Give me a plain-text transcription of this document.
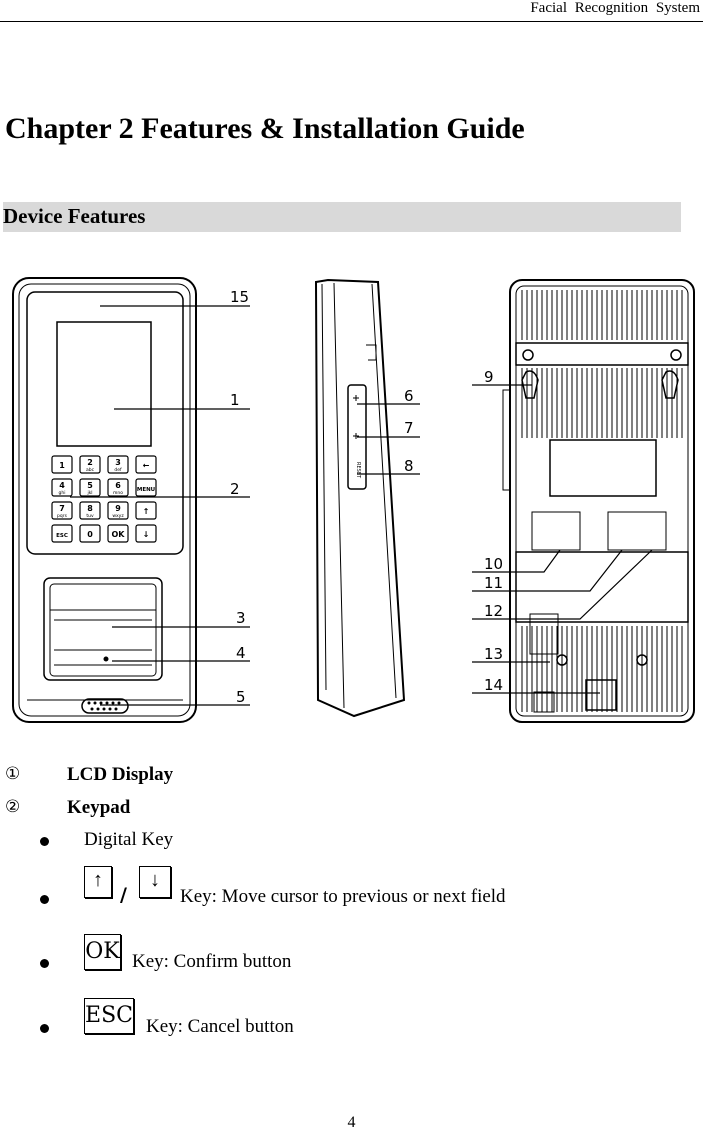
Facial Recognition System
Chapter 2 Features & Installation Guide
Device Features
1	2
abc
3
def
←
4
ghi
5
jkl
6
mno
MENU
7
pqrs
8
tuv
9
wxyz
↑
ESC 0 OK ↓
RESET
15
1
2
3
4
5
6
7
8
9
10
11
12
13
14
① LCD Display
② Keypad
Digital Key
↑
/
↓
Key: Move cursor to previous or next field
OK Key: Confirm button
ESC Key: Cancel button
4
